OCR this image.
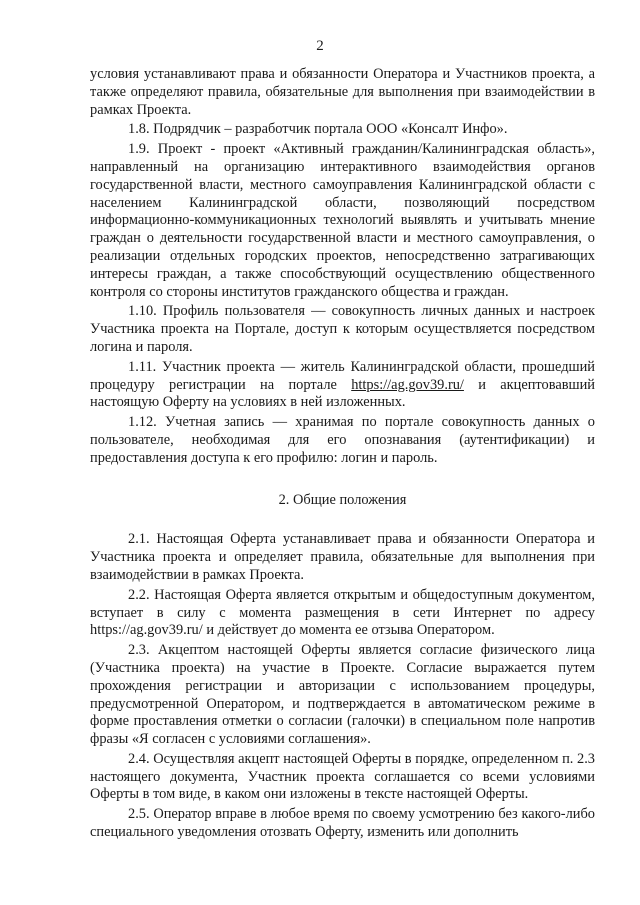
2

условия устанавливают права и обязанности Оператора и Участников проекта, а также определяют правила, обязательные для выполнения при взаимодействии в рамках Проекта.

1.8. Подрядчик – разработчик портала ООО «Консалт Инфо».

1.9. Проект - проект «Активный гражданин/Калининградская область», направленный на организацию интерактивного взаимодействия органов государственной власти, местного самоуправления Калининградской области с населением Калининградской области, позволяющий посредством информационно-коммуникационных технологий выявлять и учитывать мнение граждан о деятельности государственной власти и местного самоуправления, о реализации отдельных городских проектов, непосредственно затрагивающих интересы граждан, а также способствующий осуществлению общественного контроля со стороны институтов гражданского общества и граждан.

1.10. Профиль пользователя — совокупность личных данных и настроек Участника проекта на Портале, доступ к которым осуществляется посредством логина и пароля.

1.11. Участник проекта — житель Калининградской области, прошедший процедуру регистрации на портале https://ag.gov39.ru/ и акцептовавший настоящую Оферту на условиях в ней изложенных.

1.12. Учетная запись — хранимая по портале совокупность данных о пользователе, необходимая для его опознавания (аутентификации) и предоставления доступа к его профилю: логин и пароль.

2. Общие положения

2.1. Настоящая Оферта устанавливает права и обязанности Оператора и Участника проекта и определяет правила, обязательные для выполнения при взаимодействии в рамках Проекта.

2.2. Настоящая Оферта является открытым и общедоступным документом, вступает в силу с момента размещения в сети Интернет по адресу https://ag.gov39.ru/ и действует до момента ее отзыва Оператором.

2.3. Акцептом настоящей Оферты является согласие физического лица (Участника проекта) на участие в Проекте. Согласие выражается путем прохождения регистрации и авторизации с использованием процедуры, предусмотренной Оператором, и подтверждается в автоматическом режиме в форме проставления отметки о согласии (галочки) в специальном поле напротив фразы «Я согласен с условиями соглашения».

2.4. Осуществляя акцепт настоящей Оферты в порядке, определенном п. 2.3 настоящего документа, Участник проекта соглашается со всеми условиями Оферты в том виде, в каком они изложены в тексте настоящей Оферты.

2.5. Оператор вправе в любое время по своему усмотрению без какого-либо специального уведомления отозвать Оферту, изменить или дополнить
